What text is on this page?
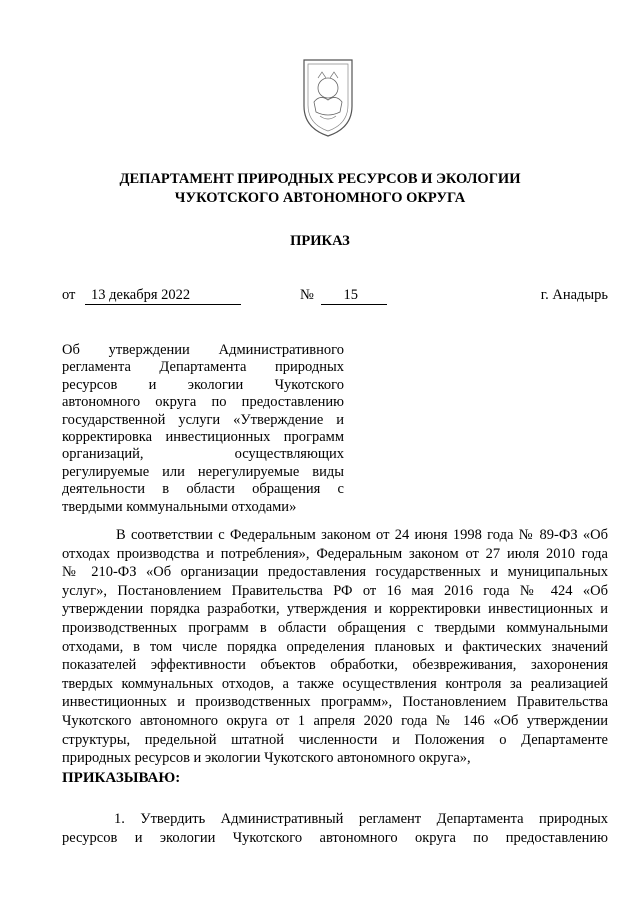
ДЕПАРТАМЕНТ ПРИРОДНЫХ РЕСУРСОВ И ЭКОЛОГИИ
ЧУКОТСКОГО АВТОНОМНОГО ОКРУГА
ПРИКАЗ
от 13 декабря 2022	№ 15	г. Анадырь
Об утверждении Административного
регламента Департамента природных
ресурсов и экологии Чукотского
автономного округа по предоставлению
государственной услуги «Утверждение и
корректировка инвестиционных программ
организаций, осуществляющих
регулируемые или нерегулируемые виды
деятельности в области обращения с
твердыми коммунальными отходами»
В соответствии с Федеральным законом от 24 июня 1998 года № 89-ФЗ «Об
отходах производства и потребления», Федеральным законом от 27 июля 2010 года
№ 210-ФЗ «Об организации предоставления государственных и муниципальных
услуг», Постановлением Правительства РФ от 16 мая 2016 года № 424 «Об
утверждении порядка разработки, утверждения и корректировки инвестиционных и
производственных программ в области обращения с твердыми коммунальными
отходами, в том числе порядка определения плановых и фактических значений
показателей эффективности объектов обработки, обезвреживания, захоронения
твердых коммунальных отходов, а также осуществления контроля за реализацией
инвестиционных и производственных программ», Постановлением Правительства
Чукотского автономного округа от 1 апреля 2020 года № 146 «Об утверждении
структуры, предельной штатной численности и Положения о Департаменте
природных ресурсов и экологии Чукотского автономного округа»,
ПРИКАЗЫВАЮ:
1. Утвердить Административный регламент Департамента природных
ресурсов и экологии Чукотского автономного округа по предоставлению
